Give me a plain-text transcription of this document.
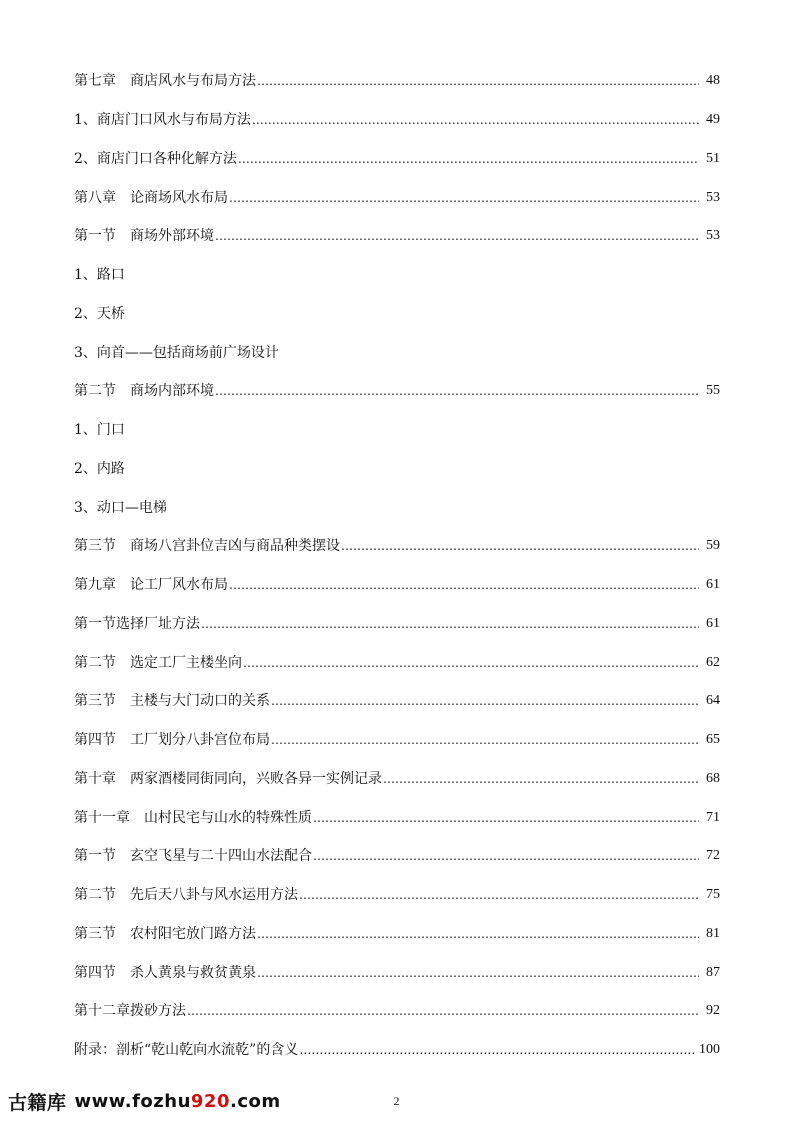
第七章　商店风水与布局方法 …………………………………………………………………………………………………………………………………………………………………………………………………………………………	48
1、商店门口风水与布局方法 …………………………………………………………………………………………………………………………………………………………………………………………………………………………	49
2、商店门口各种化解方法 …………………………………………………………………………………………………………………………………………………………………………………………………………………………	51
第八章　论商场风水布局 …………………………………………………………………………………………………………………………………………………………………………………………………………………………	53
第一节　商场外部环境 …………………………………………………………………………………………………………………………………………………………………………………………………………………………	53
1、路口
2、天桥
3、向首——包括商场前广场设计
第二节　商场内部环境 …………………………………………………………………………………………………………………………………………………………………………………………………………………………	55
1、门口
2、内路
3、动口—电梯
第三节　商场八宫卦位吉凶与商品种类摆设 …………………………………………………………………………………………………………………………………………………………………………………………………………………………	59
第九章　论工厂风水布局 …………………………………………………………………………………………………………………………………………………………………………………………………………………………	61
第一节选择厂址方法 …………………………………………………………………………………………………………………………………………………………………………………………………………………………	61
第二节　选定工厂主楼坐向 …………………………………………………………………………………………………………………………………………………………………………………………………………………………	62
第三节　主楼与大门动口的关系 …………………………………………………………………………………………………………………………………………………………………………………………………………………………	64
第四节　工厂划分八卦宫位布局 …………………………………………………………………………………………………………………………………………………………………………………………………………………………	65
第十章　两家酒楼同街同向，兴败各异一实例记录 …………………………………………………………………………………………………………………………………………………………………………………………………………………………	68
第十一章　山村民宅与山水的特殊性质 …………………………………………………………………………………………………………………………………………………………………………………………………………………………	71
第一节　玄空飞星与二十四山水法配合 …………………………………………………………………………………………………………………………………………………………………………………………………………………………	72
第二节　先后天八卦与风水运用方法 …………………………………………………………………………………………………………………………………………………………………………………………………………………………	75
第三节　农村阳宅放门路方法 …………………………………………………………………………………………………………………………………………………………………………………………………………………………	81
第四节　杀人黄泉与救贫黄泉 …………………………………………………………………………………………………………………………………………………………………………………………………………………………	87
第十二章拨砂方法 …………………………………………………………………………………………………………………………………………………………………………………………………………………………	92
附录：剖析“乾山乾向水流乾”的含义 …………………………………………………………………………………………………………………………………………………………………………………………………………………………	100
2
古籍库 www.fozhu920.com
